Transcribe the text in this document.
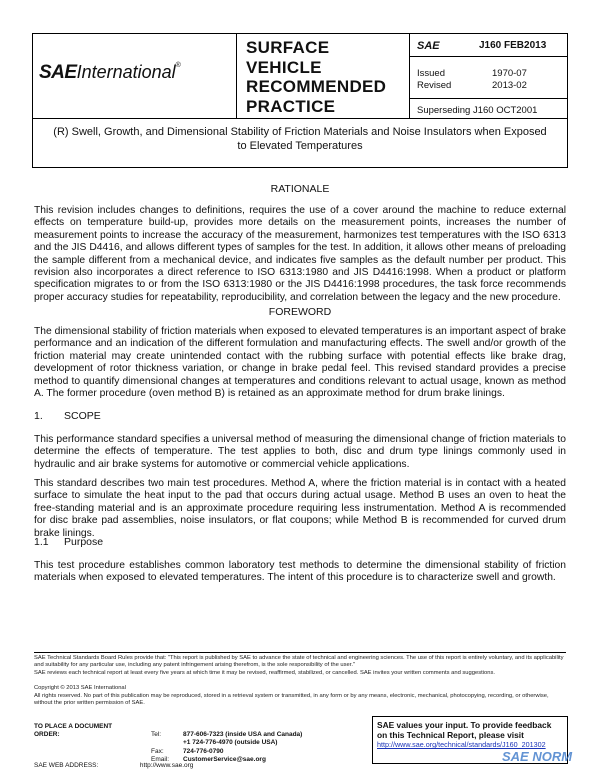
SAEInternational®
SURFACE
VEHICLE
RECOMMENDED
PRACTICE
SAE	J160 FEB2013
Issued	1970-07
Revised	2013-02
Superseding J160 OCT2001
(R) Swell, Growth, and Dimensional Stability of Friction Materials and Noise Insulators when Exposed to Elevated Temperatures
RATIONALE
This revision includes changes to definitions, requires the use of a cover around the machine to reduce external effects on temperature build-up, provides more details on the measurement points, increases the number of measurement points to increase the accuracy of the measurement, harmonizes test temperatures with the ISO 6313 and the JIS D4416, and allows different types of samples for the test. In addition, it allows other means of preloading the sample different from a mechanical device, and indicates five samples as the default number per product. This revision also incorporates a direct reference to ISO 6313:1980 and JIS D4416:1998. When a product or platform specification migrates to or from the ISO 6313:1980 or the JIS D4416:1998 procedures, the task force recommends proper accuracy studies for repeatability, reproducibility, and correlation between the legacy and the new procedure.
FOREWORD
The dimensional stability of friction materials when exposed to elevated temperatures is an important aspect of brake performance and an indication of the different formulation and manufacturing effects. The swell and/or growth of the friction material may create unintended contact with the rubbing surface with potential effects like brake drag, development of rotor thickness variation, or change in brake pedal feel. This revised standard provides a precise method to quantify dimensional changes at temperatures and conditions relevant to actual usage, known as method A. The former procedure (oven method B) is retained as an approximate method for drum brake linings.
1. SCOPE
This performance standard specifies a universal method of measuring the dimensional change of friction materials to determine the effects of temperature. The test applies to both, disc and drum type linings commonly used in hydraulic and air brake systems for automotive or commercial vehicle applications.
This standard describes two main test procedures. Method A, where the friction material is in contact with a heated surface to simulate the heat input to the pad that occurs during actual usage. Method B uses an oven to heat the free-standing material and is an approximate procedure requiring less instrumentation. Method A is recommended for disc brake pad assemblies, noise insulators, or flat coupons; while Method B is recommended for curved drum brake linings.
1.1 Purpose
This test procedure establishes common laboratory test methods to determine the dimensional stability of friction materials when exposed to elevated temperatures. The intent of this procedure is to characterize swell and growth.
SAE Technical Standards Board Rules provide that: "This report is published by SAE to advance the state of technical and engineering sciences. The use of this report is entirely voluntary, and its applicability and suitability for any particular use, including any patent infringement arising therefrom, is the sole responsibility of the user."
SAE reviews each technical report at least every five years at which time it may be revised, reaffirmed, stabilized, or cancelled. SAE invites your written comments and suggestions.
Copyright © 2013 SAE International
All rights reserved. No part of this publication may be reproduced, stored in a retrieval system or transmitted, in any form or by any means, electronic, mechanical, photocopying, recording, or otherwise, without the prior written permission of SAE.
TO PLACE A DOCUMENT ORDER:	Tel:	877-606-7323 (inside USA and Canada)
+1 724-776-4970 (outside USA)
Fax:	724-776-0790
Email: CustomerService@sae.org
SAE WEB ADDRESS:	http://www.sae.org
SAE values your input. To provide feedback
on this Technical Report, please visit
http://www.sae.org/technical/standards/J160_201302
SAE NORM
